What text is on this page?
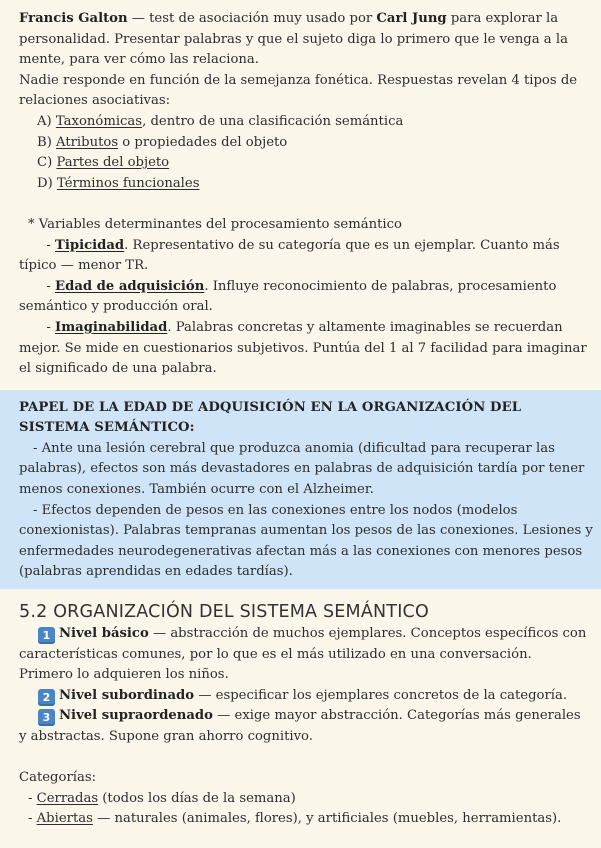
Francis Galton — test de asociación muy usado por Carl Jung para explorar la personalidad. Presentar palabras y que el sujeto diga lo primero que le venga a la mente, para ver cómo las relaciona.

Nadie responde en función de la semejanza fonética. Respuestas revelan 4 tipos de relaciones asociativas:

A) Taxonómicas, dentro de una clasificación semántica

B) Atributos o propiedades del objeto

C) Partes del objeto

D) Términos funcionales

* Variables determinantes del procesamiento semántico

- Tipicidad. Representativo de su categoría que es un ejemplar. Cuanto más típico — menor TR.

- Edad de adquisición. Influye reconocimiento de palabras, procesamiento semántico y producción oral.

- Imaginabilidad. Palabras concretas y altamente imaginables se recuerdan mejor. Se mide en cuestionarios subjetivos. Puntúa del 1 al 7 facilidad para imaginar el significado de una palabra.

PAPEL DE LA EDAD DE ADQUISICIÓN EN LA ORGANIZACIÓN DEL SISTEMA SEMÁNTICO:

- Ante una lesión cerebral que produzca anomia (dificultad para recuperar las palabras), efectos son más devastadores en palabras de adquisición tardía por tener menos conexiones. También ocurre con el Alzheimer.

- Efectos dependen de pesos en las conexiones entre los nodos (modelos conexionistas). Palabras tempranas aumentan los pesos de las conexiones. Lesiones y enfermedades neurodegenerativas afectan más a las conexiones con menores pesos (palabras aprendidas en edades tardías).

5.2 ORGANIZACIÓN DEL SISTEMA SEMÁNTICO

1 Nivel básico — abstracción de muchos ejemplares. Conceptos específicos con características comunes, por lo que es el más utilizado en una conversación. Primero lo adquieren los niños.

2 Nivel subordinado — especificar los ejemplares concretos de la categoría.

3 Nivel supraordenado — exige mayor abstracción. Categorías más generales y abstractas. Supone gran ahorro cognitivo.

Categorías:

- Cerradas (todos los días de la semana)

- Abiertas — naturales (animales, flores), y artificiales (muebles, herramientas).
